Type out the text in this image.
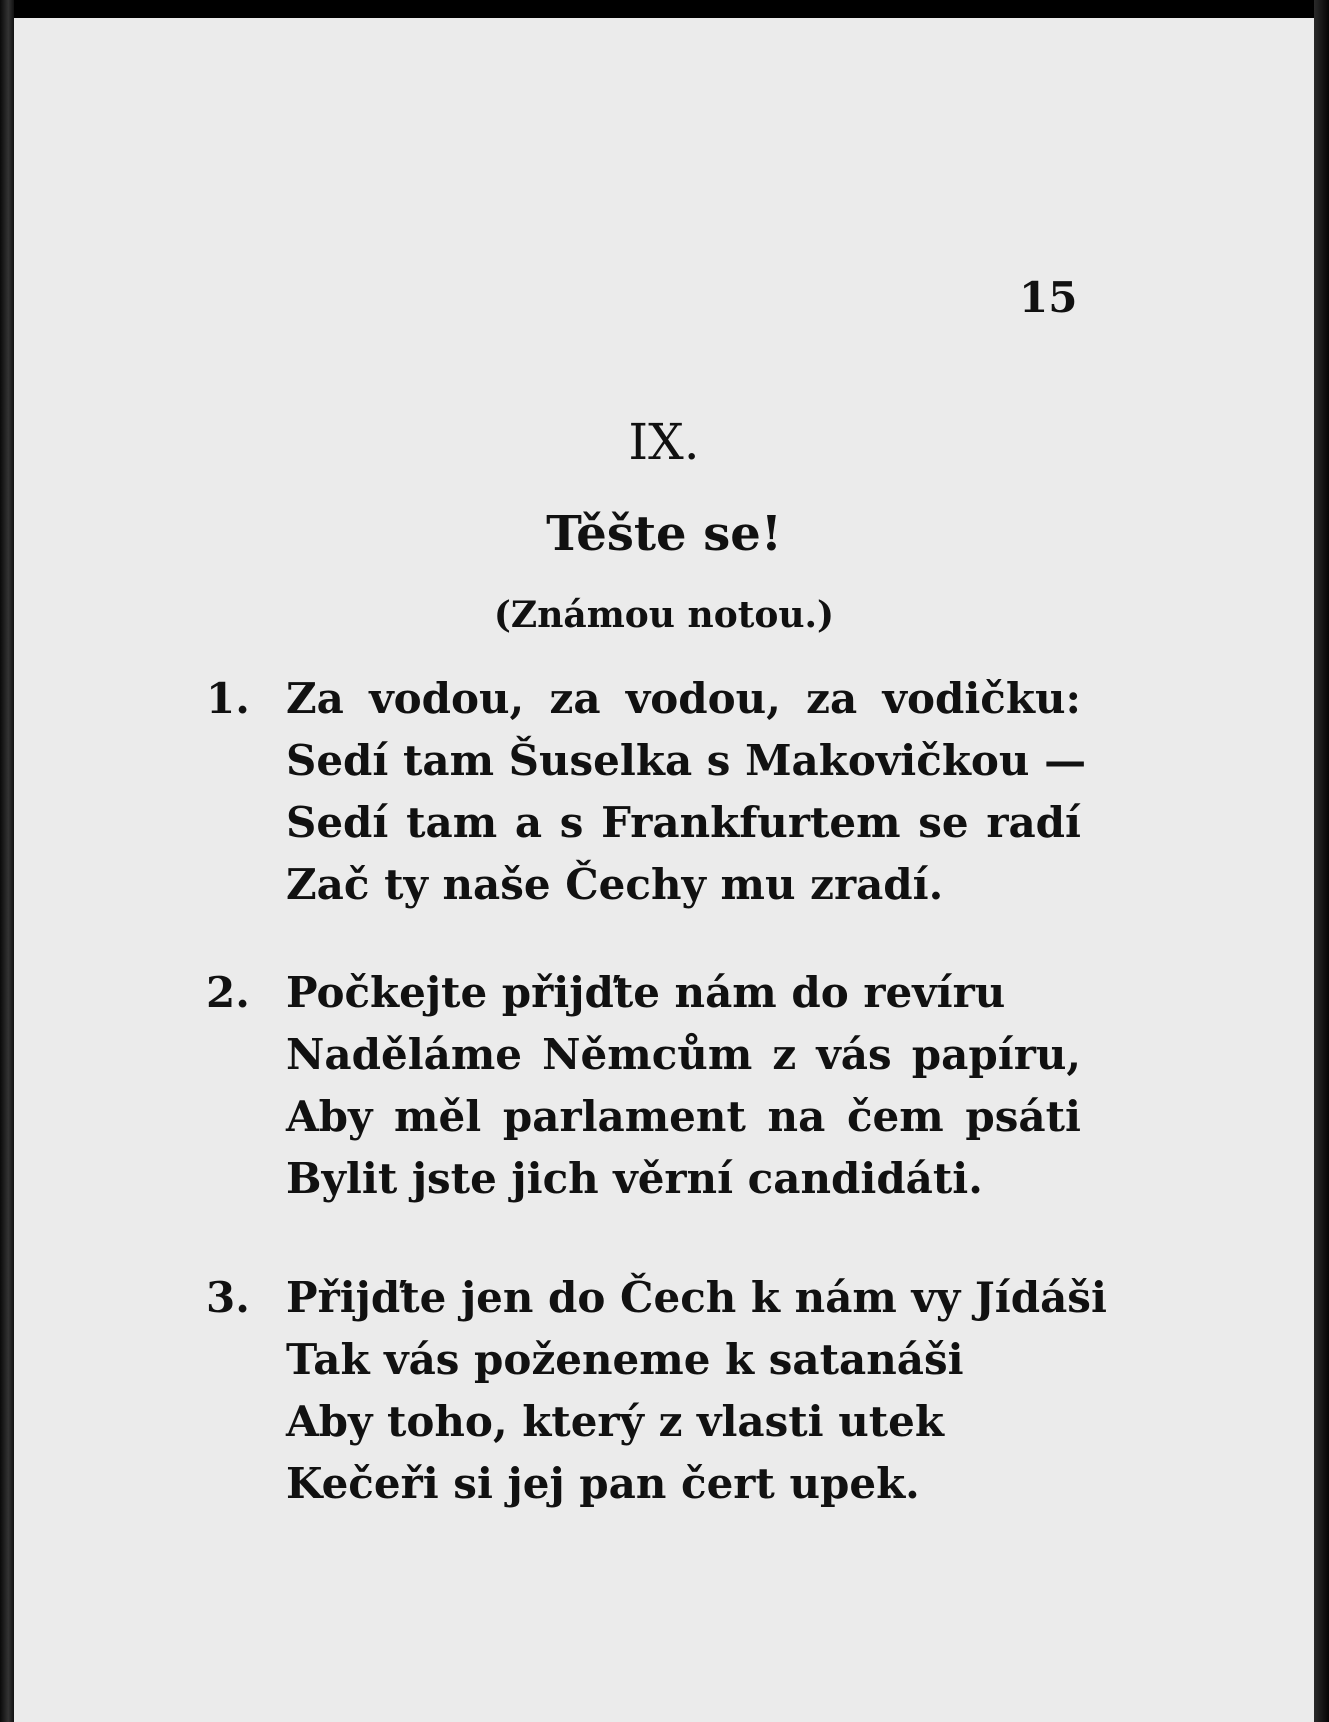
15
IX.
Těšte se!
(Známou notou.)
1. Za vodou, za vodou, za vodičku:
Sedí tam Šuselka s Makovičkou —
Sedí tam a s Frankfurtem se radí
Zač ty naše Čechy mu zradí.
2. Počkejte přijďte nám do revíru
Naděláme Němcům z vás papíru,
Aby měl parlament na čem psáti
Bylit jste jich věrní candidáti.
3. Přijďte jen do Čech k nám vy Jídáši
Tak vás poženeme k satanáši
Aby toho, který z vlasti utek
Kečeři si jej pan čert upek.
